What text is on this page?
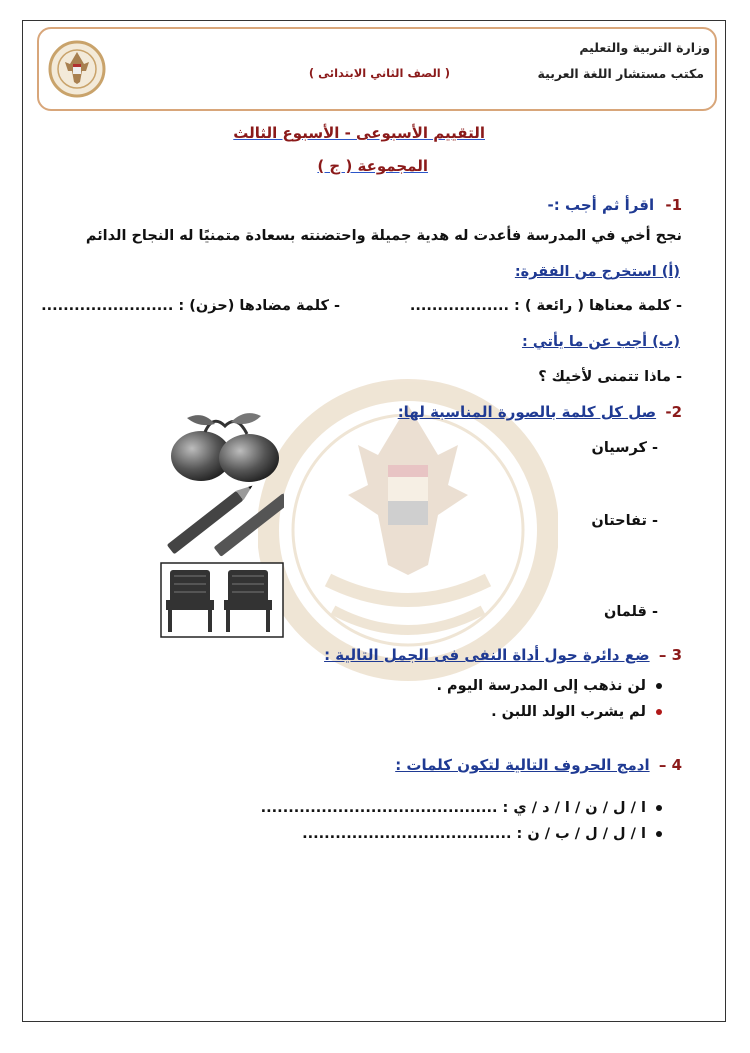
وزارة التربية والتعليم
مكتب مستشار اللغة العربية
( الصف الثاني الابتدائى )
التقييم الأسبوعى - الأسبوع الثالث
المجموعة ( ج )
1- اقرأ ثم أجب :-
نجح أخي في المدرسة فأعدت له هدية جميلة واحتضنته بسعادة متمنيًا له النجاح الدائم
(أ) استخرج من الفقرة:
- كلمة معناها ( رائعة ) : ..................
- كلمة مضادها (حزن) : ........................
(ب) أجب عن ما يأتي :
- ماذا تتمنى لأخيك ؟
2- صل كل كلمة بالصورة المناسبة لها:
- كرسيان
- تفاحتان
- قلمان
3 – ضع دائرة حول أداة النفى فى الجمل التالية :
لن نذهب إلى المدرسة اليوم .
لم يشرب الولد اللبن .
4 – ادمج الحروف التالية لتكون كلمات :
ا / ل / ن / ا / د / ي : ...........................................
ا / ل / ل / ب / ن : ......................................
